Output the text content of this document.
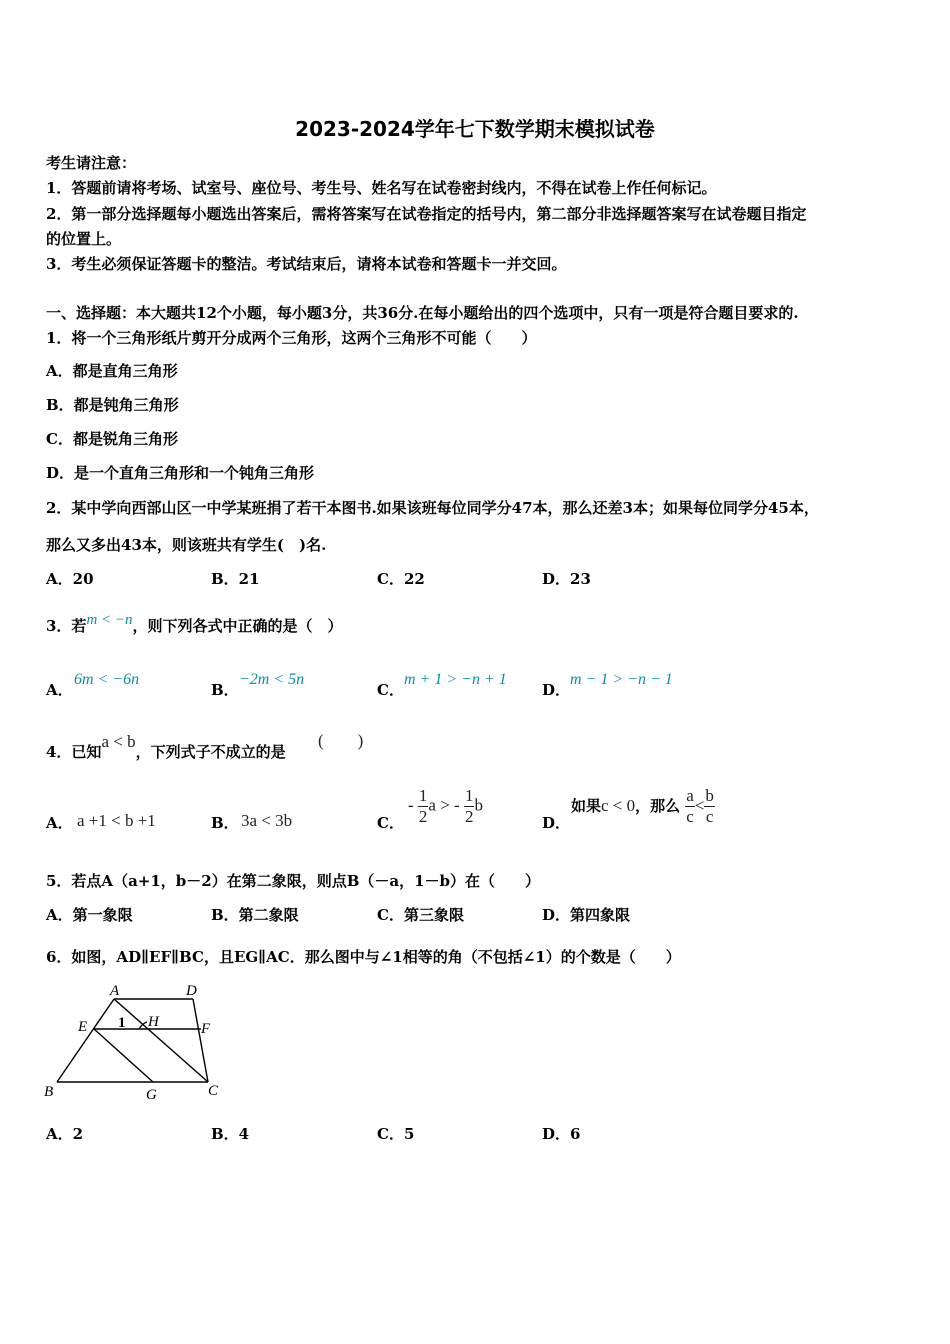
2023-2024学年七下数学期末模拟试卷
考生请注意：
1．答题前请将考场、试室号、座位号、考生号、姓名写在试卷密封线内，不得在试卷上作任何标记。
2．第一部分选择题每小题选出答案后，需将答案写在试卷指定的括号内，第二部分非选择题答案写在试卷题目指定
的位置上。
3．考生必须保证答题卡的整洁。考试结束后，请将本试卷和答题卡一并交回。
一、选择题：本大题共12个小题，每小题3分，共36分.在每小题给出的四个选项中，只有一项是符合题目要求的.
1．将一个三角形纸片剪开分成两个三角形，这两个三角形不可能（　　）
A．都是直角三角形
B．都是钝角三角形
C．都是锐角三角形
D．是一个直角三角形和一个钝角三角形
2．某中学向西部山区一中学某班捐了若干本图书.如果该班每位同学分47本，那么还差3本；如果每位同学分45本，
那么又多出43本，则该班共有学生(　)名.
A．20	B．21	C．22	D．23
3．若m < −n，则下列各式中正确的是（　）
A．
6m < −6n
B．
−2m < 5n
C．
m + 1 > −n + 1
D．
m − 1 > −n − 1
4．已知a < b，下列式子不成立的是
(　　)
A． a +1 < b +1	B． 3a < 3b	C．
- $\frac{1}{2}$ a > - $\frac{1}{2}$ b
D．
如果c < 0，那么 $\frac{a}{c} < \frac{b}{c}$
5．若点A（a+1，b－2）在第二象限，则点B（－a，1－b）在（　　）
A．第一象限	B．第二象限	C．第三象限	D．第四象限
6．如图，AD∥EF∥BC，且EG∥AC．那么图中与∠1相等的角（不包括∠1）的个数是（　　）
A	D
E	H	F
B	G	C
1
A．2	B．4	C．5	D．6
